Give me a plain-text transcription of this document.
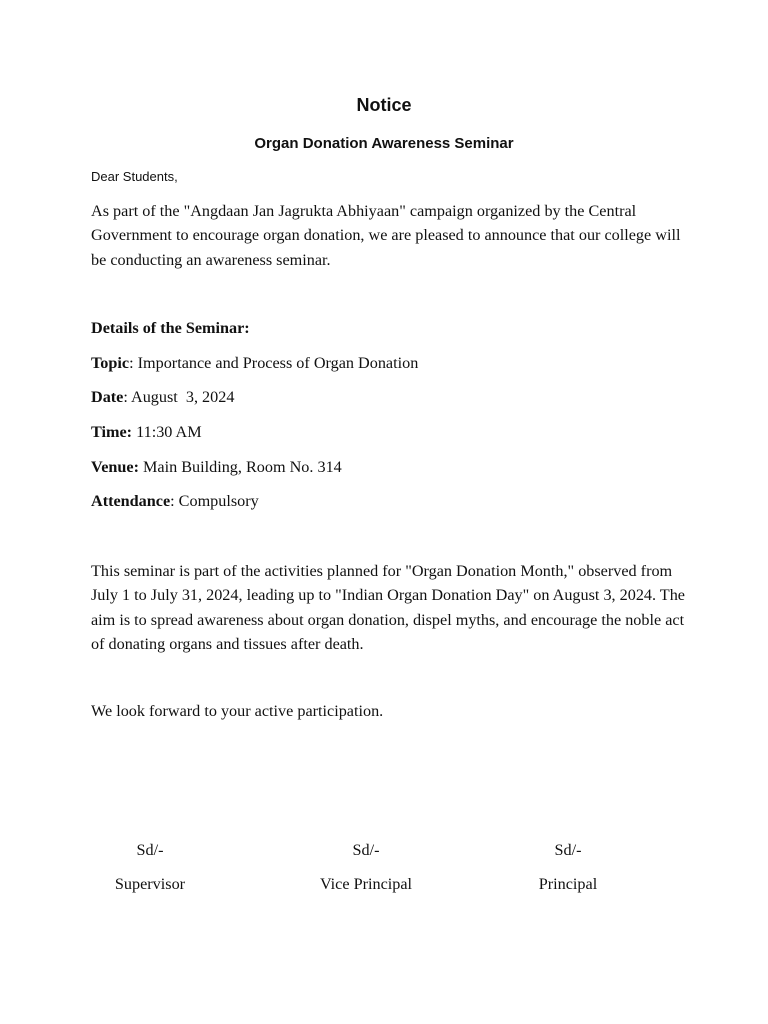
Notice
Organ Donation Awareness Seminar
Dear Students,
As part of the "Angdaan Jan Jagrukta Abhiyaan" campaign organized by the Central Government to encourage organ donation, we are pleased to announce that our college will be conducting an awareness seminar.
Details of the Seminar:
Topic: Importance and Process of Organ Donation
Date: August  3, 2024
Time: 11:30 AM
Venue: Main Building, Room No. 314
Attendance: Compulsory
This seminar is part of the activities planned for "Organ Donation Month," observed from July 1 to July 31, 2024, leading up to "Indian Organ Donation Day" on August 3, 2024. The aim is to spread awareness about organ donation, dispel myths, and encourage the noble act of donating organs and tissues after death.
We look forward to your active participation.
Sd/-
Supervisor
Sd/-
Vice Principal
Sd/-
Principal
